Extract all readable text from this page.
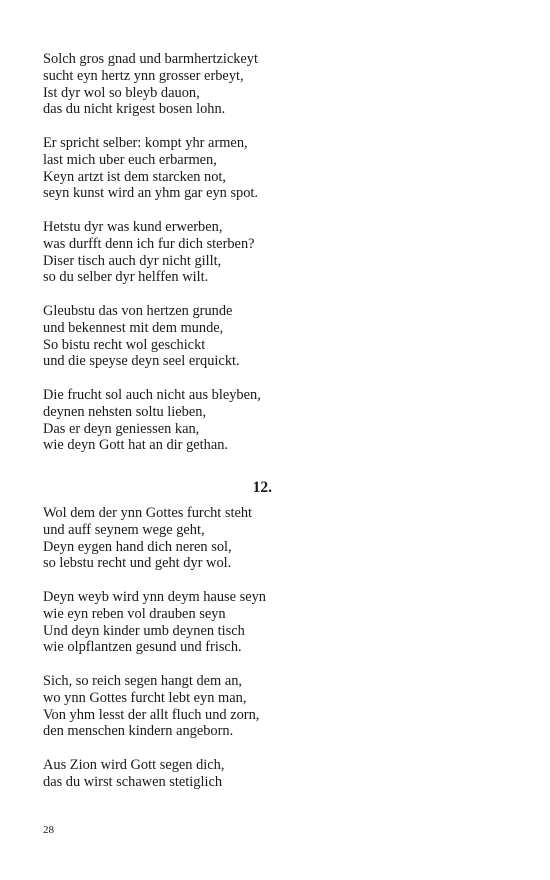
Solch gros gnad und barmhertzickeyt
sucht eyn hertz ynn grosser erbeyt,
Ist dyr wol so bleyb dauon,
das du nicht krigest bosen lohn.
Er spricht selber: kompt yhr armen,
last mich uber euch erbarmen,
Keyn artzt ist dem starcken not,
seyn kunst wird an yhm gar eyn spot.
Hetstu dyr was kund erwerben,
was durfft denn ich fur dich sterben?
Diser tisch auch dyr nicht gillt,
so du selber dyr helffen wilt.
Gleubstu das von hertzen grunde
und bekennest mit dem munde,
So bistu recht wol geschickt
und die speyse deyn seel erquickt.
Die frucht sol auch nicht aus bleyben,
deynen nehsten soltu lieben,
Das er deyn geniessen kan,
wie deyn Gott hat an dir gethan.
12.
Wol dem der ynn Gottes furcht steht
und auff seynem wege geht,
Deyn eygen hand dich neren sol,
so lebstu recht und geht dyr wol.
Deyn weyb wird ynn deym hause seyn
wie eyn reben vol drauben seyn
Und deyn kinder umb deynen tisch
wie olpflantzen gesund und frisch.
Sich, so reich segen hangt dem an,
wo ynn Gottes furcht lebt eyn man,
Von yhm lesst der allt fluch und zorn,
den menschen kindern angeborn.
Aus Zion wird Gott segen dich,
das du wirst schawen stetiglich
28
